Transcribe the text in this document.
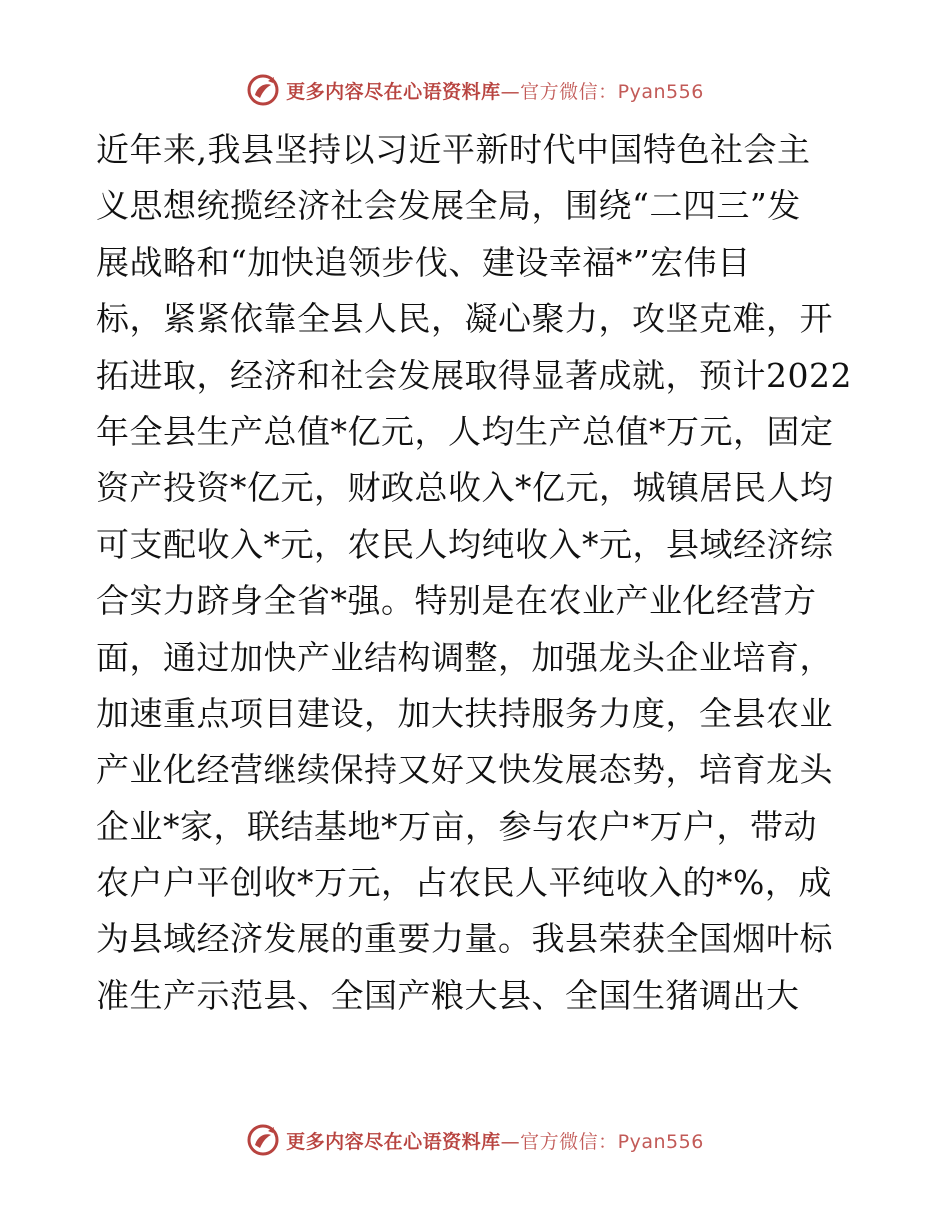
更多内容尽在心语资料库—官方微信：Pyan556
近年来,我县坚持以习近平新时代中国特色社会主
义思想统揽经济社会发展全局，围绕“二四三”发
展战略和“加快追领步伐、建设幸福*”宏伟目
标，紧紧依靠全县人民，凝心聚力，攻坚克难，开
拓进取，经济和社会发展取得显著成就，预计2022
年全县生产总值*亿元，人均生产总值*万元，固定
资产投资*亿元，财政总收入*亿元，城镇居民人均
可支配收入*元，农民人均纯收入*元，县域经济综
合实力跻身全省*强。特别是在农业产业化经营方
面，通过加快产业结构调整，加强龙头企业培育，
加速重点项目建设，加大扶持服务力度，全县农业
产业化经营继续保持又好又快发展态势，培育龙头
企业*家，联结基地*万亩，参与农户*万户，带动
农户户平创收*万元，占农民人平纯收入的*%，成
为县域经济发展的重要力量。我县荣获全国烟叶标
准生产示范县、全国产粮大县、全国生猪调出大
更多内容尽在心语资料库—官方微信：Pyan556
